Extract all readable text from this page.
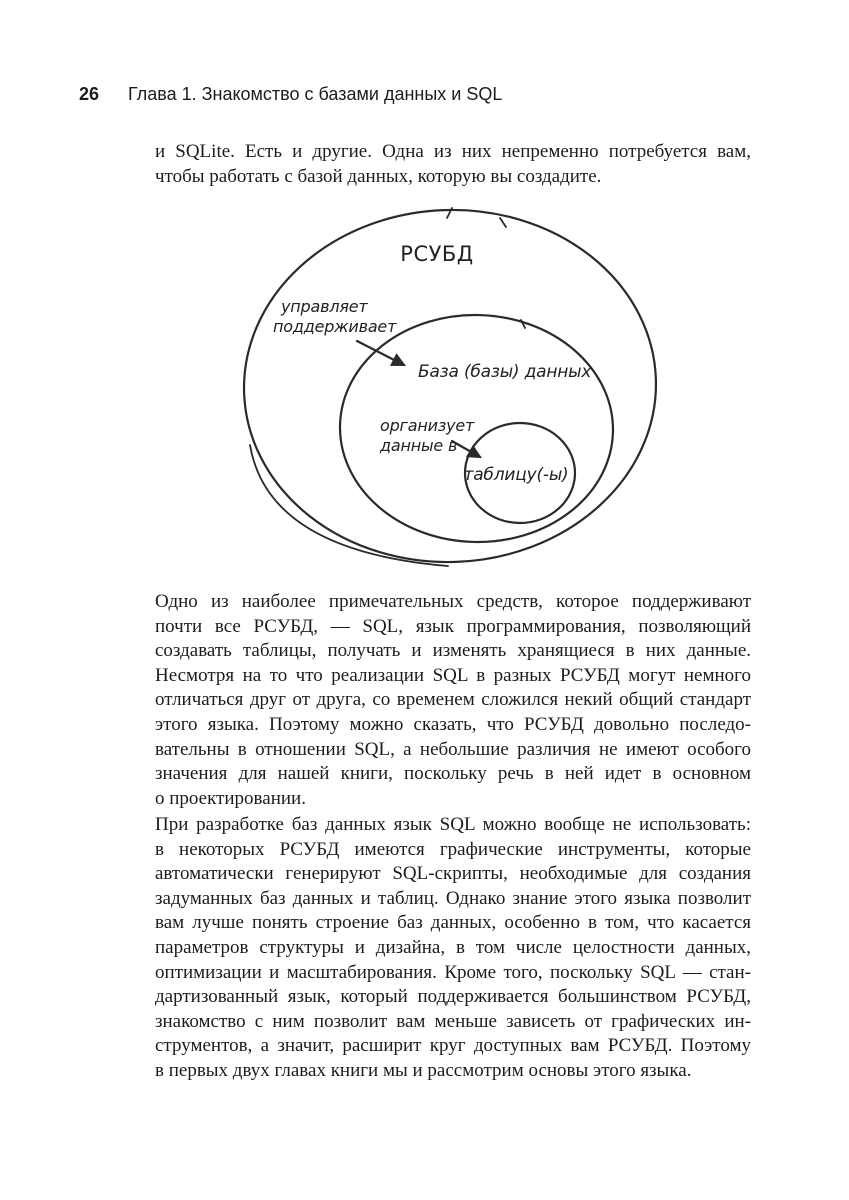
26	Глава 1. Знакомство с базами данных и SQL
и SQLite. Есть и другие. Одна из них непременно потребуется вам,
чтобы работать с базой данных, которую вы создадите.
РСУБД
управляет
поддерживает
База (базы) данных
организует
данные в
таблицу(-ы)
Одно из наиболее примечательных средств, которое поддерживают
почти все РСУБД, — SQL, язык программирования, позволяющий
создавать таблицы, получать и изменять хранящиеся в них данные.
Несмотря на то что реализации SQL в разных РСУБД могут немного
отличаться друг от друга, со временем сложился некий общий стандарт
этого языка. Поэтому можно сказать, что РСУБД довольно последо-
вательны в отношении SQL, а небольшие различия не имеют особого
значения для нашей книги, поскольку речь в ней идет в основном
о проектировании.
При разработке баз данных язык SQL можно вообще не использовать:
в некоторых РСУБД имеются графические инструменты, которые
автоматически генерируют SQL-скрипты, необходимые для создания
задуманных баз данных и таблиц. Однако знание этого языка позволит
вам лучше понять строение баз данных, особенно в том, что касается
параметров структуры и дизайна, в том числе целостности данных,
оптимизации и масштабирования. Кроме того, поскольку SQL — стан-
дартизованный язык, который поддерживается большинством РСУБД,
знакомство с ним позволит вам меньше зависеть от графических ин-
струментов, а значит, расширит круг доступных вам РСУБД. Поэтому
в первых двух главах книги мы и рассмотрим основы этого языка.
